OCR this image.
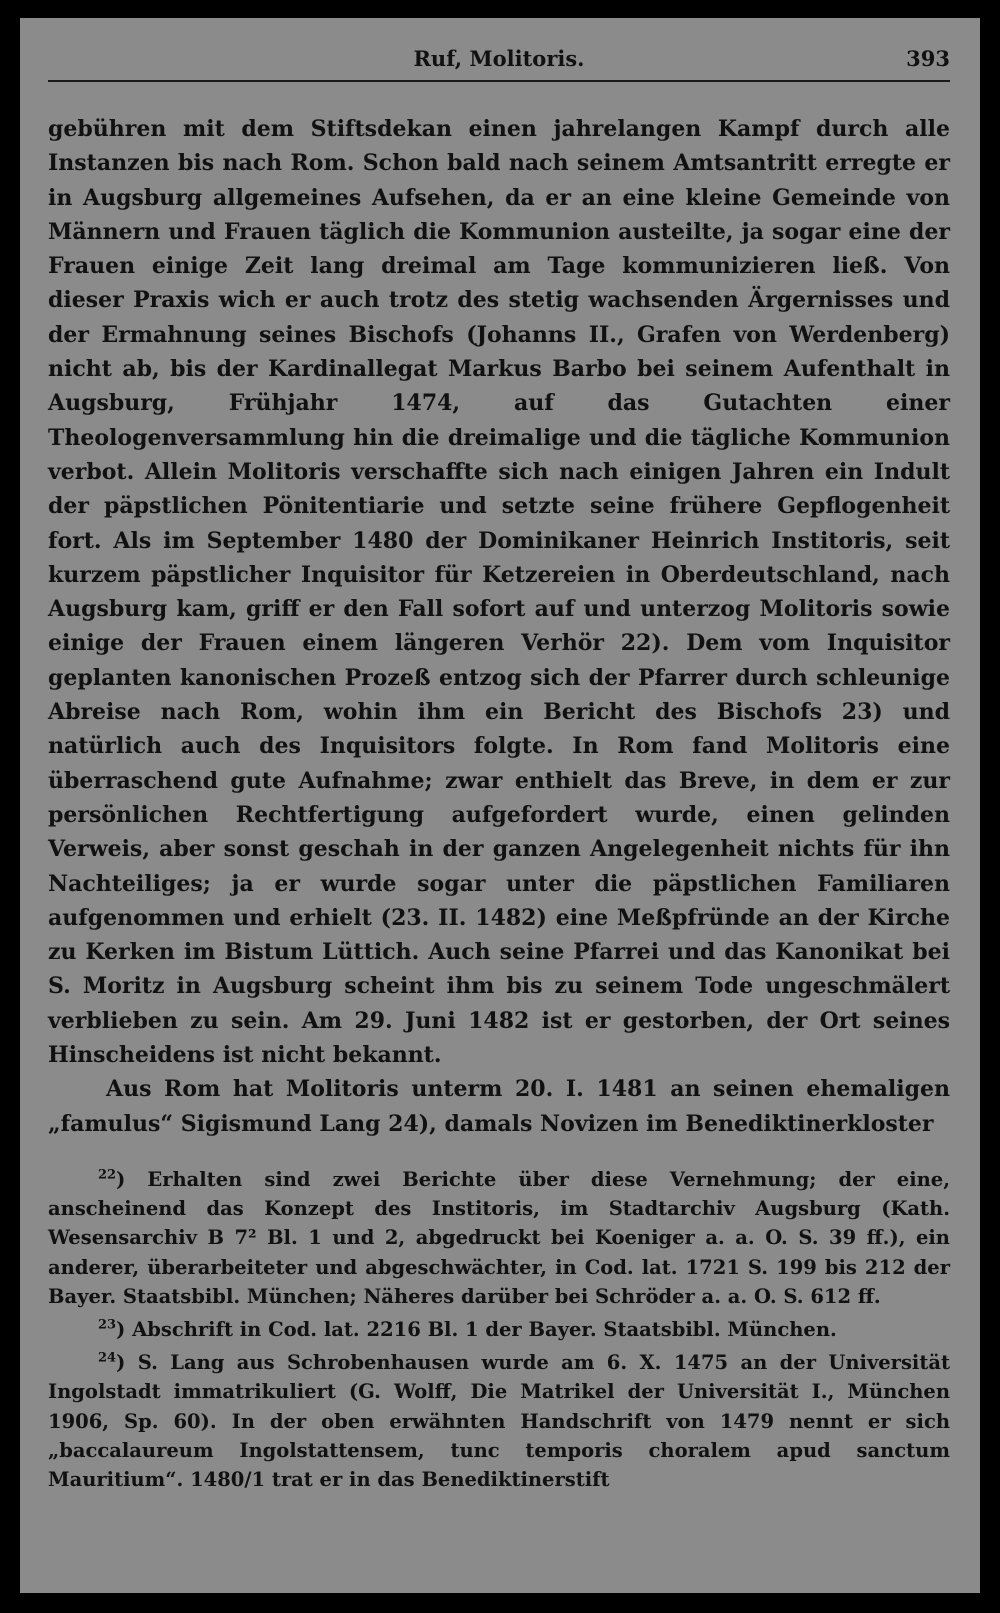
Ruf, Molitoris.	393

gebühren mit dem Stiftsdekan einen jahrelangen Kampf durch alle Instanzen bis nach Rom. Schon bald nach seinem Amtsantritt erregte er in Augsburg allgemeines Aufsehen, da er an eine kleine Gemeinde von Männern und Frauen täglich die Kommunion austeilte, ja sogar eine der Frauen einige Zeit lang dreimal am Tage kommunizieren ließ. Von dieser Praxis wich er auch trotz des stetig wachsenden Ärgernisses und der Ermahnung seines Bischofs (Johanns II., Grafen von Werdenberg) nicht ab, bis der Kardinallegat Markus Barbo bei seinem Aufenthalt in Augsburg, Frühjahr 1474, auf das Gutachten einer Theologenversammlung hin die dreimalige und die tägliche Kommunion verbot. Allein Molitoris verschaffte sich nach einigen Jahren ein Indult der päpstlichen Pönitentiarie und setzte seine frühere Gepflogenheit fort. Als im September 1480 der Dominikaner Heinrich Institoris, seit kurzem päpstlicher Inquisitor für Ketzereien in Oberdeutschland, nach Augsburg kam, griff er den Fall sofort auf und unterzog Molitoris sowie einige der Frauen einem längeren Verhör 22). Dem vom Inquisitor geplanten kanonischen Prozeß entzog sich der Pfarrer durch schleunige Abreise nach Rom, wohin ihm ein Bericht des Bischofs 23) und natürlich auch des Inquisitors folgte. In Rom fand Molitoris eine überraschend gute Aufnahme; zwar enthielt das Breve, in dem er zur persönlichen Rechtfertigung aufgefordert wurde, einen gelinden Verweis, aber sonst geschah in der ganzen Angelegenheit nichts für ihn Nachteiliges; ja er wurde sogar unter die päpstlichen Familiaren aufgenommen und erhielt (23. II. 1482) eine Meßpfründe an der Kirche zu Kerken im Bistum Lüttich. Auch seine Pfarrei und das Kanonikat bei S. Moritz in Augsburg scheint ihm bis zu seinem Tode ungeschmälert verblieben zu sein. Am 29. Juni 1482 ist er gestorben, der Ort seines Hinscheidens ist nicht bekannt.

Aus Rom hat Molitoris unterm 20. I. 1481 an seinen ehemaligen „famulus“ Sigismund Lang 24), damals Novizen im Benediktinerkloster

$^{22}$) Erhalten sind zwei Berichte über diese Vernehmung; der eine, anscheinend das Konzept des Institoris, im Stadtarchiv Augsburg (Kath. Wesensarchiv B 7² Bl. 1 und 2, abgedruckt bei Koeniger a. a. O. S. 39 ff.), ein anderer, überarbeiteter und abgeschwächter, in Cod. lat. 1721 S. 199 bis 212 der Bayer. Staatsbibl. München; Näheres darüber bei Schröder a. a. O. S. 612 ff.

$^{23}$) Abschrift in Cod. lat. 2216 Bl. 1 der Bayer. Staatsbibl. München.

$^{24}$) S. Lang aus Schrobenhausen wurde am 6. X. 1475 an der Universität Ingolstadt immatrikuliert (G. Wolff, Die Matrikel der Universität I., München 1906, Sp. 60). In der oben erwähnten Handschrift von 1479 nennt er sich „baccalaureum Ingolstattensem, tunc temporis choralem apud sanctum Mauritium“. 1480/1 trat er in das Benediktinerstift
